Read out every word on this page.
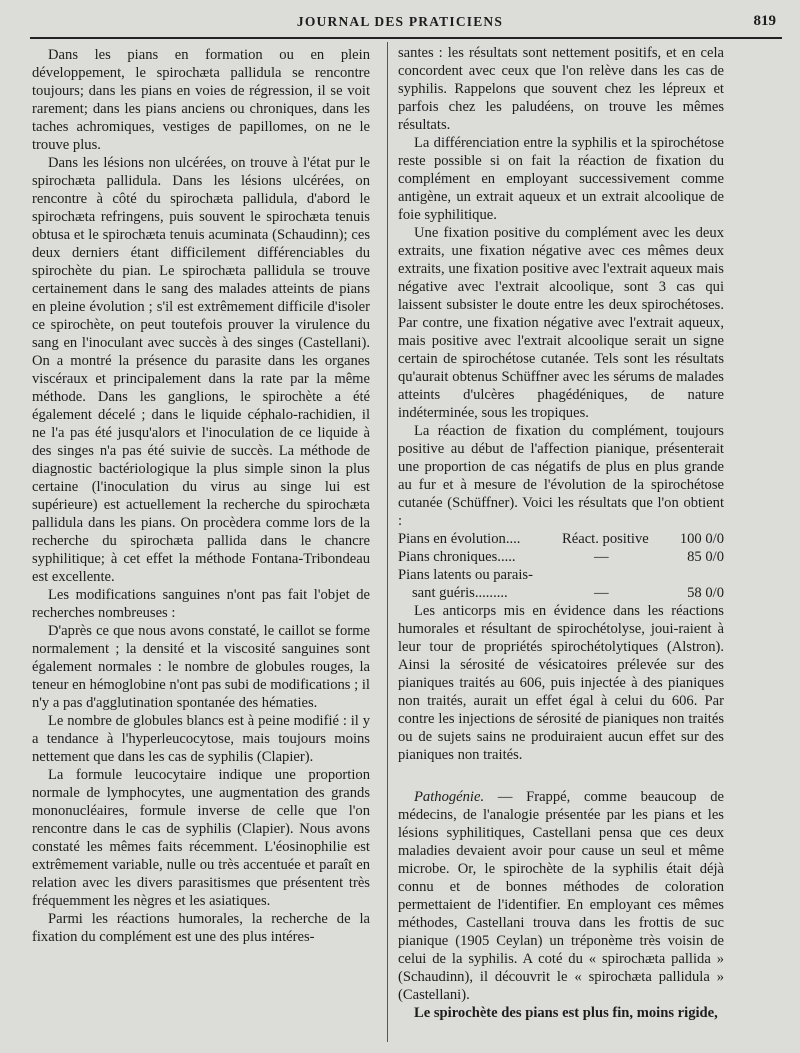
JOURNAL DES PRATICIENS	819

Dans les pians en formation ou en plein développement, le spirochæta pallidula se rencontre toujours; dans les pians en voies de régression, il se voit rarement; dans les pians anciens ou chroniques, dans les taches achromiques, vestiges de papillomes, on ne le trouve plus.

Dans les lésions non ulcérées, on trouve à l'état pur le spirochæta pallidula. Dans les lésions ulcérées, on rencontre à côté du spirochæta pallidula, d'abord le spirochæta refringens, puis souvent le spirochæta tenuis obtusa et le spirochæta tenuis acuminata (Schaudinn); ces deux derniers étant difficilement différenciables du spirochète du pian. Le spirochæta pallidula se trouve certainement dans le sang des malades atteints de pians en pleine évolution ; s'il est extrêmement difficile d'isoler ce spirochète, on peut toutefois prouver la virulence du sang en l'inoculant avec succès à des singes (Castellani). On a montré la présence du parasite dans les organes viscéraux et principalement dans la rate par la même méthode. Dans les ganglions, le spirochète a été également décelé ; dans le liquide céphalo-rachidien, il ne l'a pas été jusqu'alors et l'inoculation de ce liquide à des singes n'a pas été suivie de succès. La méthode de diagnostic bactériologique la plus simple sinon la plus certaine (l'inoculation du virus au singe lui est supérieure) est actuellement la recherche du spirochæta pallidula dans les pians. On procèdera comme lors de la recherche du spirochæta pallida dans le chancre syphilitique; à cet effet la méthode Fontana-Tribondeau est excellente.

Les modifications sanguines n'ont pas fait l'objet de recherches nombreuses :

D'après ce que nous avons constaté, le caillot se forme normalement ; la densité et la viscosité sanguines sont également normales : le nombre de globules rouges, la teneur en hémoglobine n'ont pas subi de modifications ; il n'y a pas d'agglutination spontanée des hématies.

Le nombre de globules blancs est à peine modifié : il y a tendance à l'hyperleucocytose, mais toujours moins nettement que dans les cas de syphilis (Clapier).

La formule leucocytaire indique une proportion normale de lymphocytes, une augmentation des grands mononucléaires, formule inverse de celle que l'on rencontre dans le cas de syphilis (Clapier). Nous avons constaté les mêmes faits récemment. L'éosinophilie est extrêmement variable, nulle ou très accentuée et paraît en relation avec les divers parasitismes que présentent très fréquemment les nègres et les asiatiques.

Parmi les réactions humorales, la recherche de la fixation du complément est une des plus intéres-

santes : les résultats sont nettement positifs, et en cela concordent avec ceux que l'on relève dans les cas de syphilis. Rappelons que souvent chez les lépreux et parfois chez les paludéens, on trouve les mêmes résultats.

La différenciation entre la syphilis et la spirochétose reste possible si on fait la réaction de fixation du complément en employant successivement comme antigène, un extrait aqueux et un extrait alcoolique de foie syphilitique.

Une fixation positive du complément avec les deux extraits, une fixation négative avec ces mêmes deux extraits, une fixation positive avec l'extrait aqueux mais négative avec l'extrait alcoolique, sont 3 cas qui laissent subsister le doute entre les deux spirochétoses. Par contre, une fixation négative avec l'extrait aqueux, mais positive avec l'extrait alcoolique serait un signe certain de spirochétose cutanée. Tels sont les résultats qu'aurait obtenus Schüffner avec les sérums de malades atteints d'ulcères phagédéniques, de nature indéterminée, sous les tropiques.

La réaction de fixation du complément, toujours positive au début de l'affection pianique, présenterait une proportion de cas négatifs de plus en plus grande au fur et à mesure de l'évolution de la spirochétose cutanée (Schüffner). Voici les résultats que l'on obtient :

Pians en évolution....	Réact. positive 100 0/0
Pians chroniques.....	—	85 0/0
Pians latents ou parais-
sant guéris.........	—	58 0/0

Les anticorps mis en évidence dans les réactions humorales et résultant de spirochétolyse, joui-raient à leur tour de propriétés spirochétolytiques (Alstron). Ainsi la sérosité de vésicatoires prélevée sur des pianiques traités au 606, puis injectée à des pianiques non traités, aurait un effet égal à celui du 606. Par contre les injections de sérosité de pianiques non traités ou de sujets sains ne produiraient aucun effet sur des pianiques non traités.

Pathogénie. — Frappé, comme beaucoup de médecins, de l'analogie présentée par les pians et les lésions syphilitiques, Castellani pensa que ces deux maladies devaient avoir pour cause un seul et même microbe. Or, le spirochète de la syphilis était déjà connu et de bonnes méthodes de coloration permettaient de l'identifier. En employant ces mêmes méthodes, Castellani trouva dans les frottis de suc pianique (1905 Ceylan) un tréponème très voisin de celui de la syphilis. A coté du « spirochæta pallida » (Schaudinn), il découvrit le « spirochæta pallidula » (Castellani).

Le spirochète des pians est plus fin, moins rigide,
